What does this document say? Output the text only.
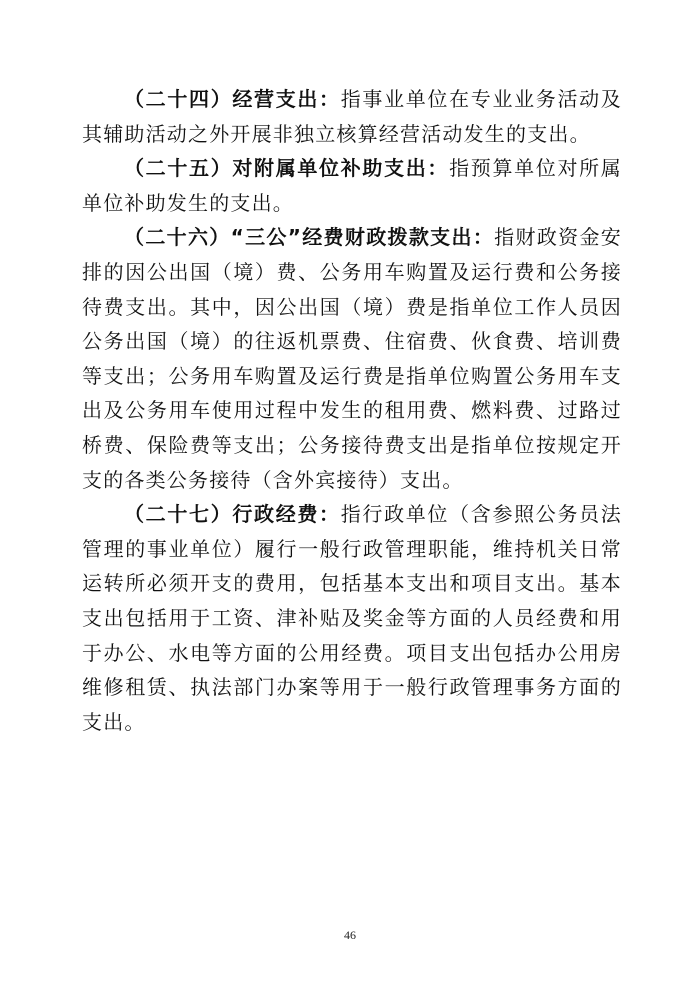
（二十四）经营支出：指事业单位在专业业务活动及其辅助活动之外开展非独立核算经营活动发生的支出。

（二十五）对附属单位补助支出：指预算单位对所属单位补助发生的支出。

（二十六）“三公”经费财政拨款支出：指财政资金安排的因公出国（境）费、公务用车购置及运行费和公务接待费支出。其中，因公出国（境）费是指单位工作人员因公务出国（境）的往返机票费、住宿费、伙食费、培训费等支出；公务用车购置及运行费是指单位购置公务用车支出及公务用车使用过程中发生的租用费、燃料费、过路过桥费、保险费等支出；公务接待费支出是指单位按规定开支的各类公务接待（含外宾接待）支出。

（二十七）行政经费：指行政单位（含参照公务员法管理的事业单位）履行一般行政管理职能，维持机关日常运转所必须开支的费用，包括基本支出和项目支出。基本支出包括用于工资、津补贴及奖金等方面的人员经费和用于办公、水电等方面的公用经费。项目支出包括办公用房维修租赁、执法部门办案等用于一般行政管理事务方面的支出。

46
